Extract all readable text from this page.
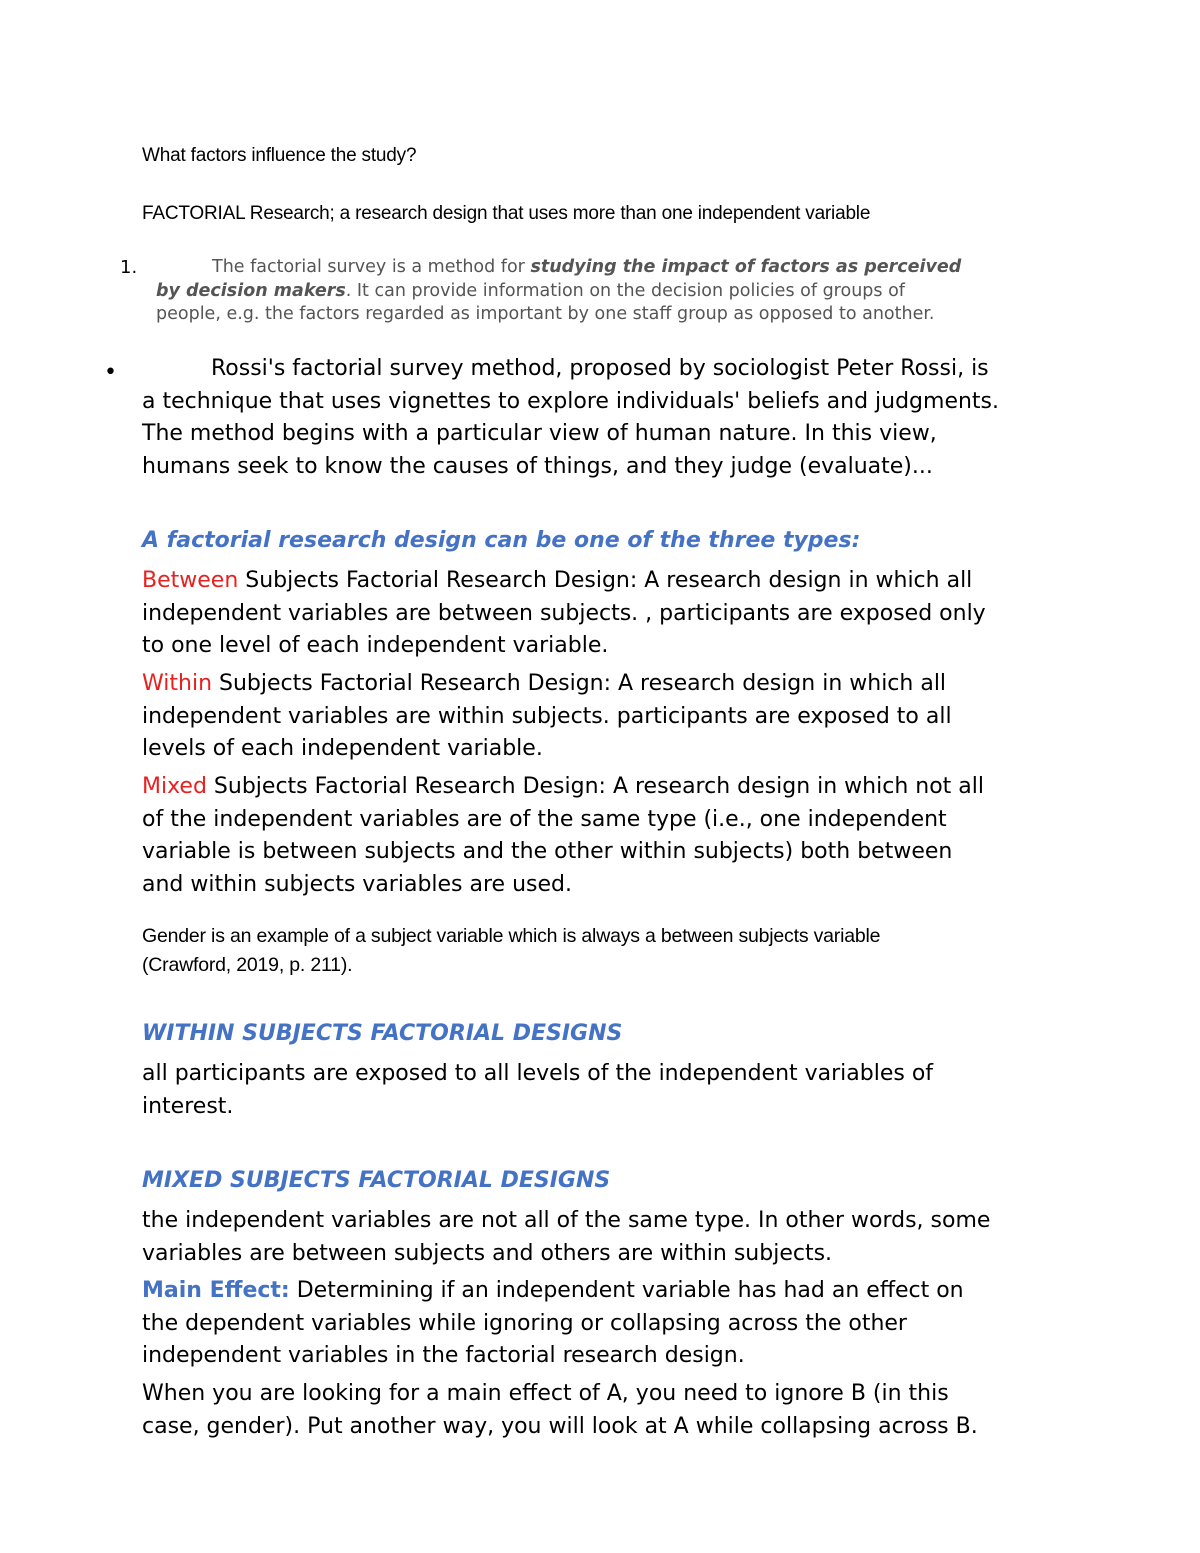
What factors influence the study?
FACTORIAL Research; a research design that uses more than one independent variable
1.	The factorial survey is a method for studying the impact of factors as perceived
by decision makers. It can provide information on the decision policies of groups of
people, e.g. the factors regarded as important by one staff group as opposed to another.
•	Rossi's factorial survey method, proposed by sociologist Peter Rossi, is
a technique that uses vignettes to explore individuals' beliefs and judgments.
The method begins with a particular view of human nature. In this view,
humans seek to know the causes of things, and they judge (evaluate)...
A factorial research design can be one of the three types:
Between Subjects Factorial Research Design: A research design in which all
independent variables are between subjects. , participants are exposed only
to one level of each independent variable.
Within Subjects Factorial Research Design: A research design in which all
independent variables are within subjects. participants are exposed to all
levels of each independent variable.
Mixed Subjects Factorial Research Design: A research design in which not all
of the independent variables are of the same type (i.e., one independent
variable is between subjects and the other within subjects) both between
and within subjects variables are used.
Gender is an example of a subject variable which is always a between subjects variable
(Crawford, 2019, p. 211).
WITHIN SUBJECTS FACTORIAL DESIGNS
all participants are exposed to all levels of the independent variables of
interest.
MIXED SUBJECTS FACTORIAL DESIGNS
the independent variables are not all of the same type. In other words, some
variables are between subjects and others are within subjects.
Main Effect: Determining if an independent variable has had an effect on
the dependent variables while ignoring or collapsing across the other
independent variables in the factorial research design.
When you are looking for a main effect of A, you need to ignore B (in this
case, gender). Put another way, you will look at A while collapsing across B.
